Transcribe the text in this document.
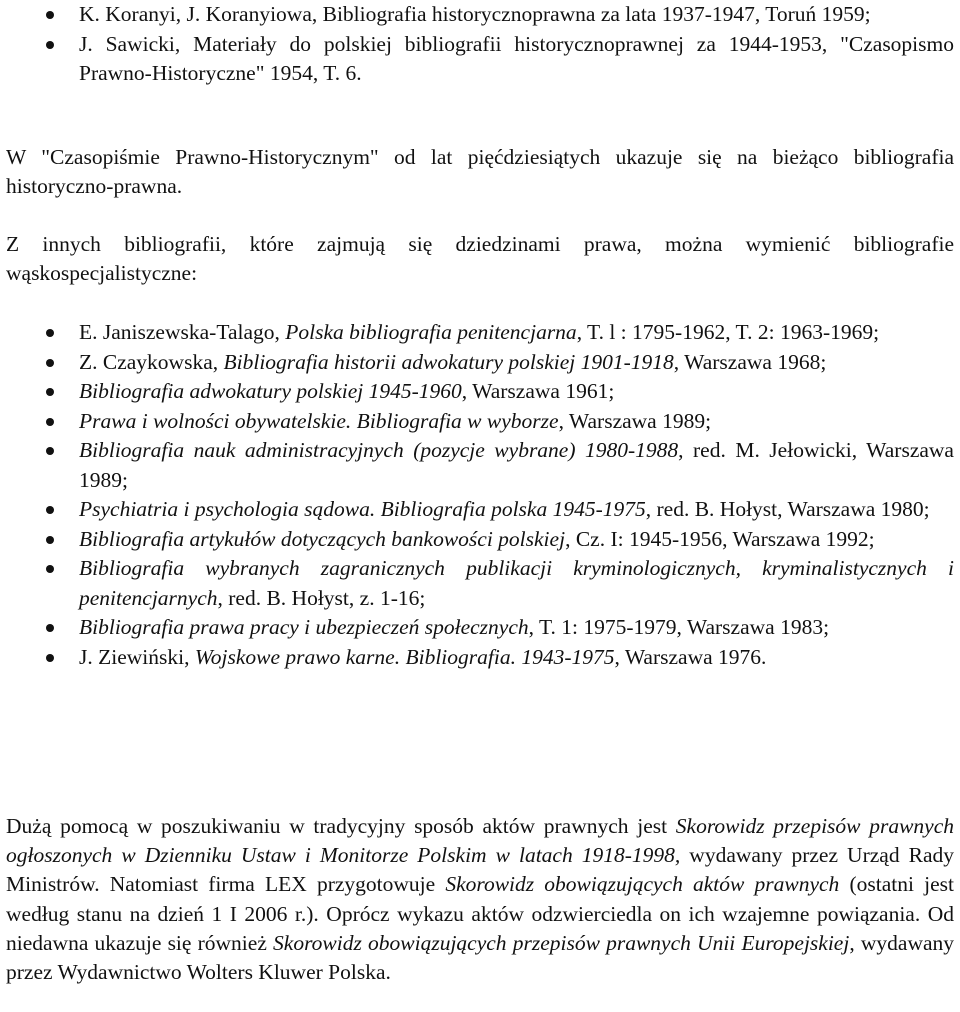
K. Koranyi, J. Koranyiowa, Bibliografia historycznoprawna za lata 1937-1947, Toruń 1959;
J. Sawicki, Materiały do polskiej bibliografii historycznoprawnej za 1944-1953, "Czasopismo Prawno-Historyczne" 1954, T. 6.

W "Czasopiśmie Prawno-Historycznym" od lat pięćdziesiątych ukazuje się na bieżąco bibliografia historyczno-prawna.

Z innych bibliografii, które zajmują się dziedzinami prawa, można wymienić bibliografie wąskospecjalistyczne:

E. Janiszewska-Talago, Polska bibliografia penitencjarna, T. l : 1795-1962, T. 2: 1963-1969;
Z. Czaykowska, Bibliografia historii adwokatury polskiej 1901-1918, Warszawa 1968;
Bibliografia adwokatury polskiej 1945-1960, Warszawa 1961;
Prawa i wolności obywatelskie. Bibliografia w wyborze, Warszawa 1989;
Bibliografia nauk administracyjnych (pozycje wybrane) 1980-1988, red. M. Jełowicki, Warszawa 1989;
Psychiatria i psychologia sądowa. Bibliografia polska 1945-1975, red. B. Hołyst, Warszawa 1980;
Bibliografia artykułów dotyczących bankowości polskiej, Cz. I: 1945-1956, Warszawa 1992;
Bibliografia wybranych zagranicznych publikacji kryminologicznych, kryminalistycznych i penitencjarnych, red. B. Hołyst, z. 1-16;
Bibliografia prawa pracy i ubezpieczeń społecznych, T. 1: 1975-1979, Warszawa 1983;
J. Ziewiński, Wojskowe prawo karne. Bibliografia. 1943-1975, Warszawa 1976.

Dużą pomocą w poszukiwaniu w tradycyjny sposób aktów prawnych jest Skorowidz przepisów prawnych ogłoszonych w Dzienniku Ustaw i Monitorze Polskim w latach 1918-1998, wydawany przez Urząd Rady Ministrów. Natomiast firma LEX przygotowuje Skorowidz obowiązujących aktów prawnych (ostatni jest według stanu na dzień 1 I 2006 r.). Oprócz wykazu aktów odzwierciedla on ich wzajemne powiązania. Od niedawna ukazuje się również Skorowidz obowiązujących przepisów prawnych Unii Europejskiej, wydawany przez Wydawnictwo Wolters Kluwer Polska.
